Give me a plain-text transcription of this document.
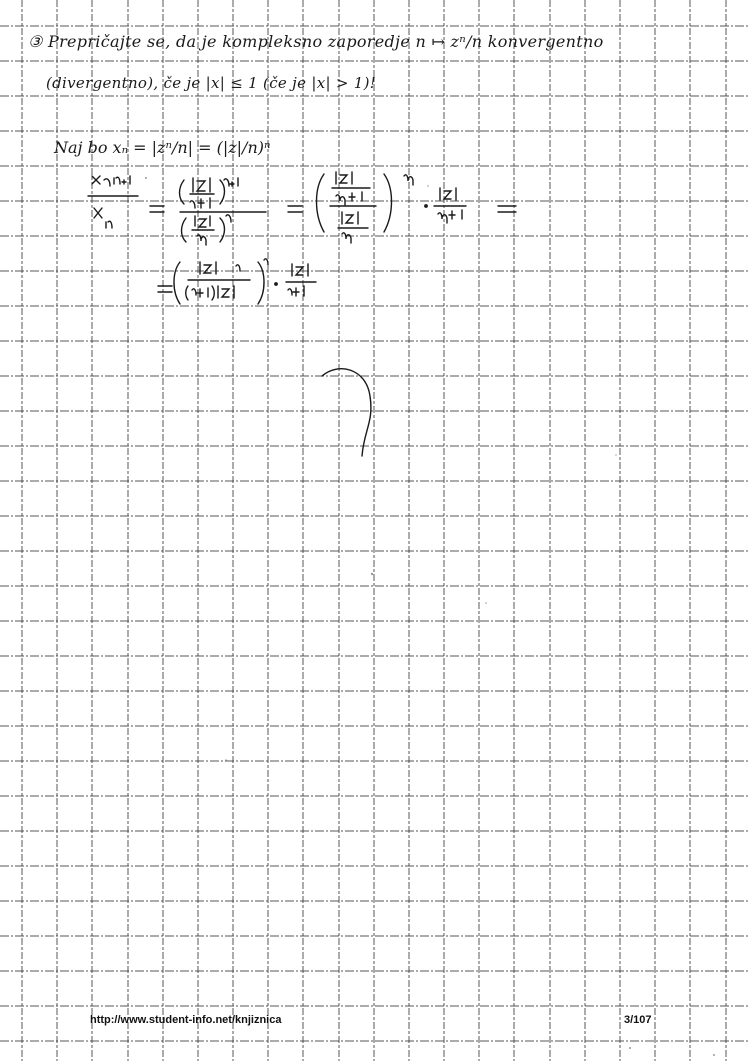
③ Prepričajte se, da je kompleksno zaporedje n ↦ zⁿ/n konvergentno
(divergentno), če je |x| ≤ 1 (če je |x| > 1)!
Naj bo xₙ = |zⁿ/n| = (|z|/n)ⁿ
http://www.student-info.net/knjiznica	3/107
